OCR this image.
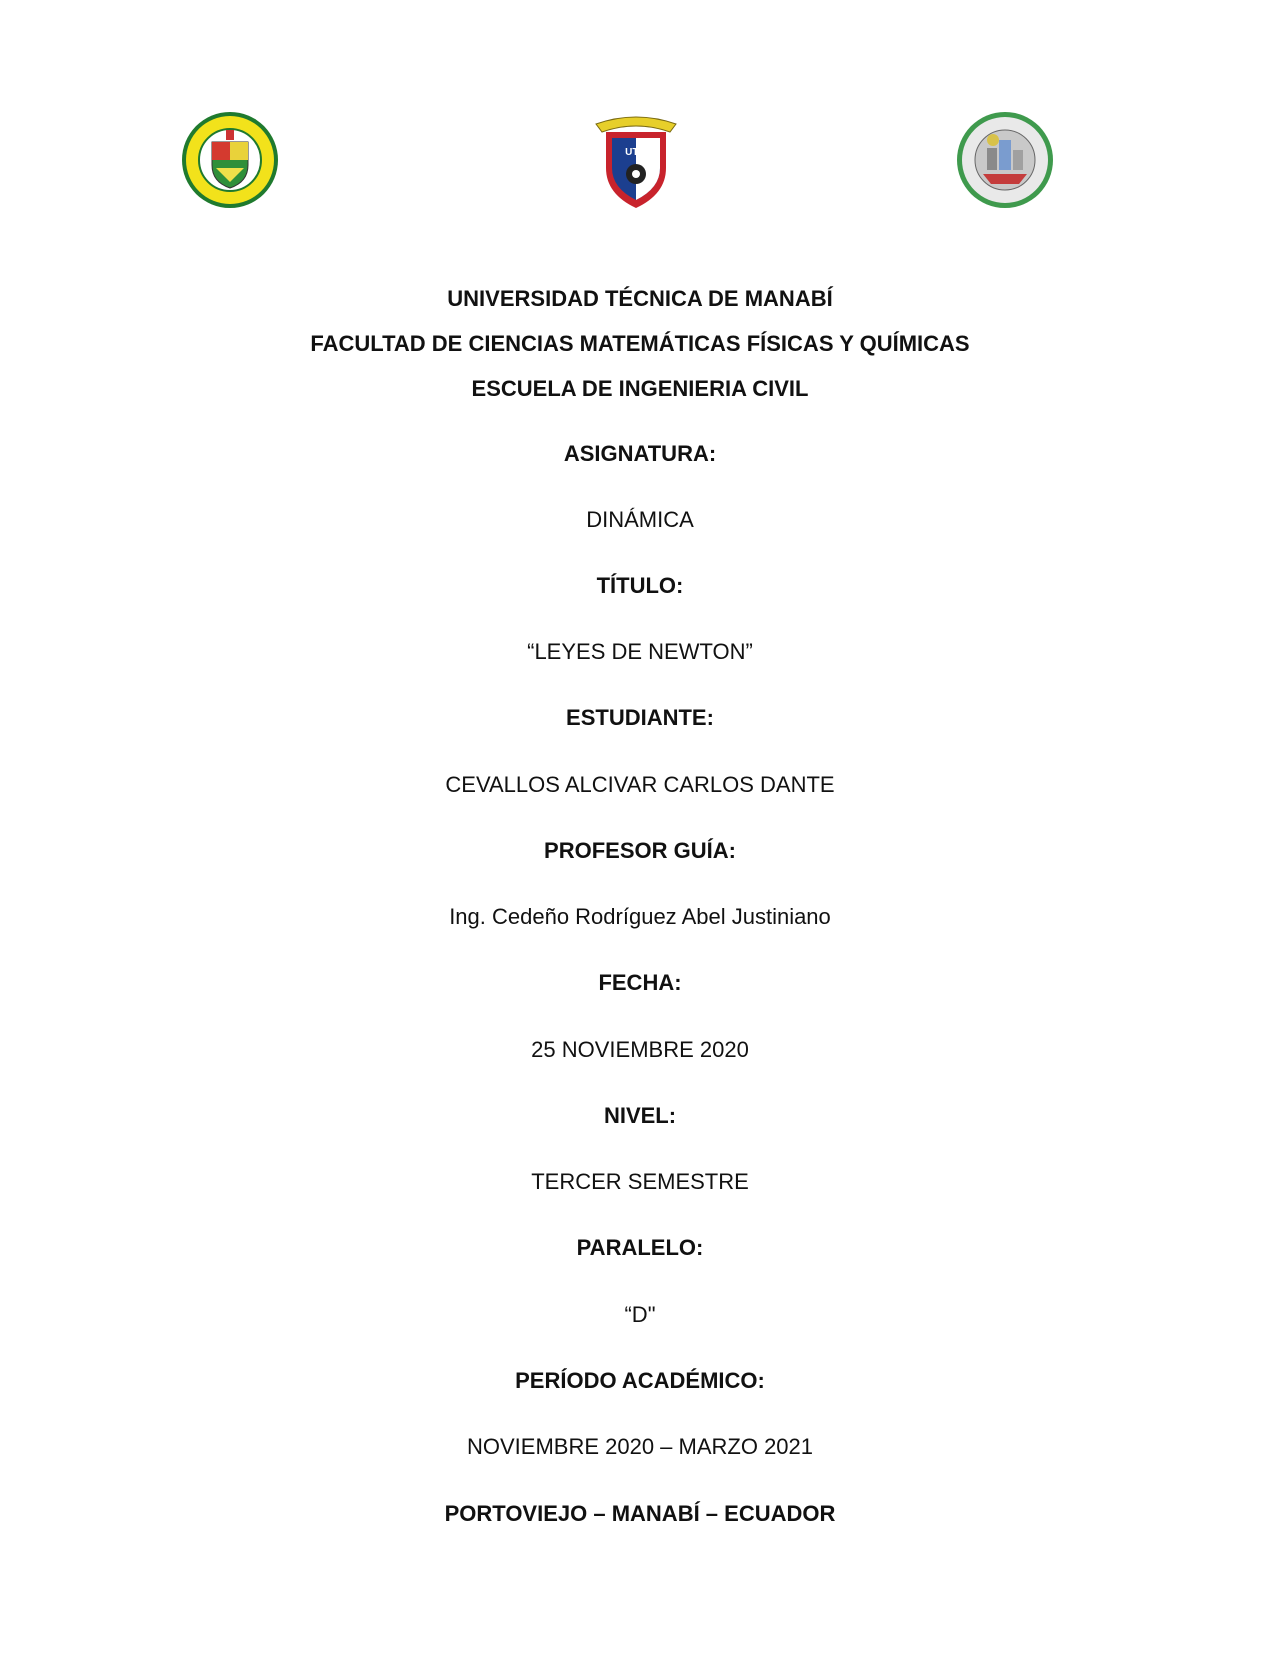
UTM
UNIVERSIDAD TÉCNICA DE MANABÍ
FACULTAD DE CIENCIAS MATEMÁTICAS FÍSICAS Y QUÍMICAS
ESCUELA DE INGENIERIA CIVIL
ASIGNATURA:
DINÁMICA
TÍTULO:
“LEYES DE NEWTON”
ESTUDIANTE:
CEVALLOS ALCIVAR CARLOS DANTE
PROFESOR GUÍA:
Ing. Cedeño Rodríguez Abel Justiniano
FECHA:
25 NOVIEMBRE 2020
NIVEL:
TERCER SEMESTRE
PARALELO:
“D"
PERÍODO ACADÉMICO:
NOVIEMBRE 2020 – MARZO 2021
PORTOVIEJO – MANABÍ – ECUADOR
